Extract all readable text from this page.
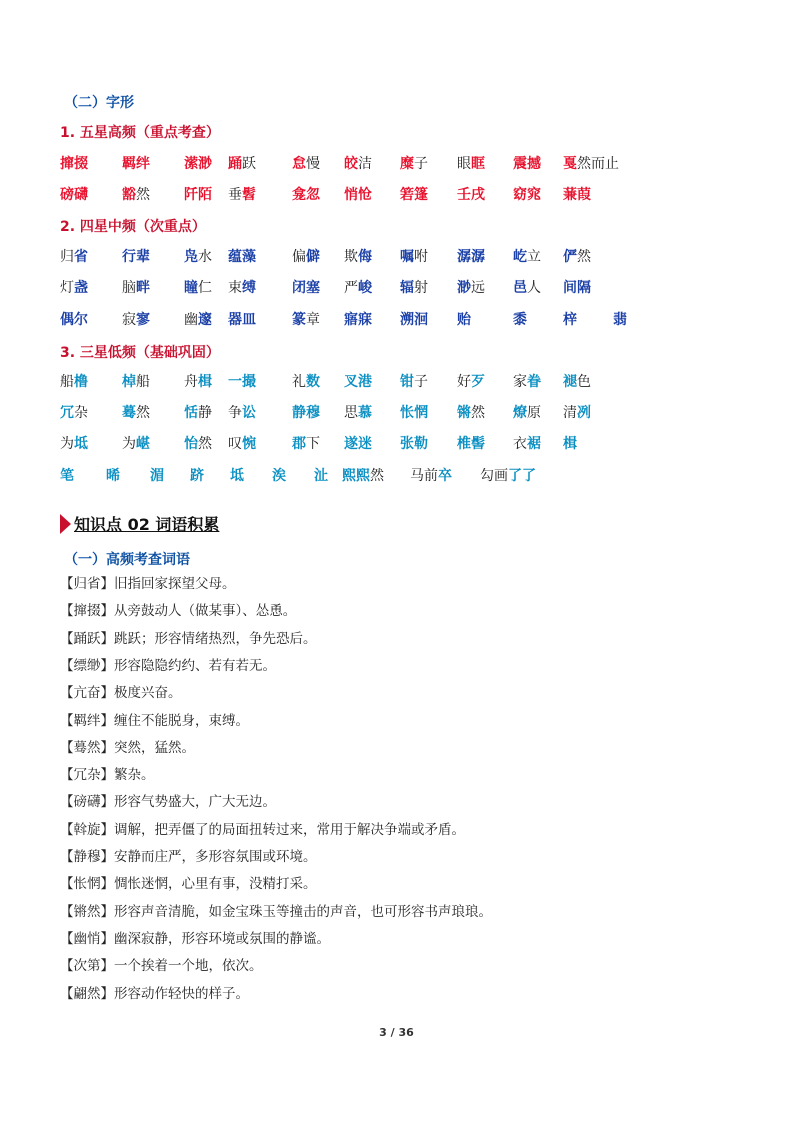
（二）字形
1. 五星高频（重点考查）
撺掇 羁绊 潆渺 踊跃	怠慢 皎洁 糜子 眼眶 震撼 戛然而止
磅礴 豁然 阡陌 垂髫	龛忽 悄怆 箬篷 壬戌 窈窕 蒹葭
2. 四星中频（次重点）
归省 行辈 凫水 蕴藻	偏僻 欺侮 嘱咐 潺潺 屹立 俨然
灯盏 脑畔 瞳仁 束缚	闭塞 严峻 辐射 渺远 邑人 间隔
偶尔 寂寥 幽邃 器皿	篆章 寤寐 溯洄 贻	黍	梓	翡
3. 三星低频（基础巩固）
船橹 棹船 舟楫 一撮	礼数 叉港 钳子 好歹 家眷 褪色
冗杂 蓦然 恬静 争讼	静穆 思慕 怅惘 锵然 燎原 清冽
为坻 为嵁 怡然 叹惋	郡下 遂迷 张勒 椎髻 衣裾 楫
笔 晞 湄 跻 坻 涘 沚 熙熙然 马前卒 勾画了了
知识点 02 词语积累
（一）高频考查词语
【归省】旧指回家探望父母。
【撺掇】从旁鼓动人（做某事）、怂恿。
【踊跃】跳跃；形容情绪热烈，争先恐后。
【缥缈】形容隐隐约约、若有若无。
【亢奋】极度兴奋。
【羁绊】缠住不能脱身，束缚。
【蓦然】突然，猛然。
【冗杂】繁杂。
【磅礴】形容气势盛大，广大无边。
【斡旋】调解，把弄僵了的局面扭转过来，常用于解决争端或矛盾。
【静穆】安静而庄严，多形容氛围或环境。
【怅惘】惆怅迷惘，心里有事，没精打采。
【锵然】形容声音清脆，如金宝珠玉等撞击的声音，也可形容书声琅琅。
【幽悄】幽深寂静，形容环境或氛围的静谧。
【次第】一个挨着一个地，依次。
【翩然】形容动作轻快的样子。
3 / 36
